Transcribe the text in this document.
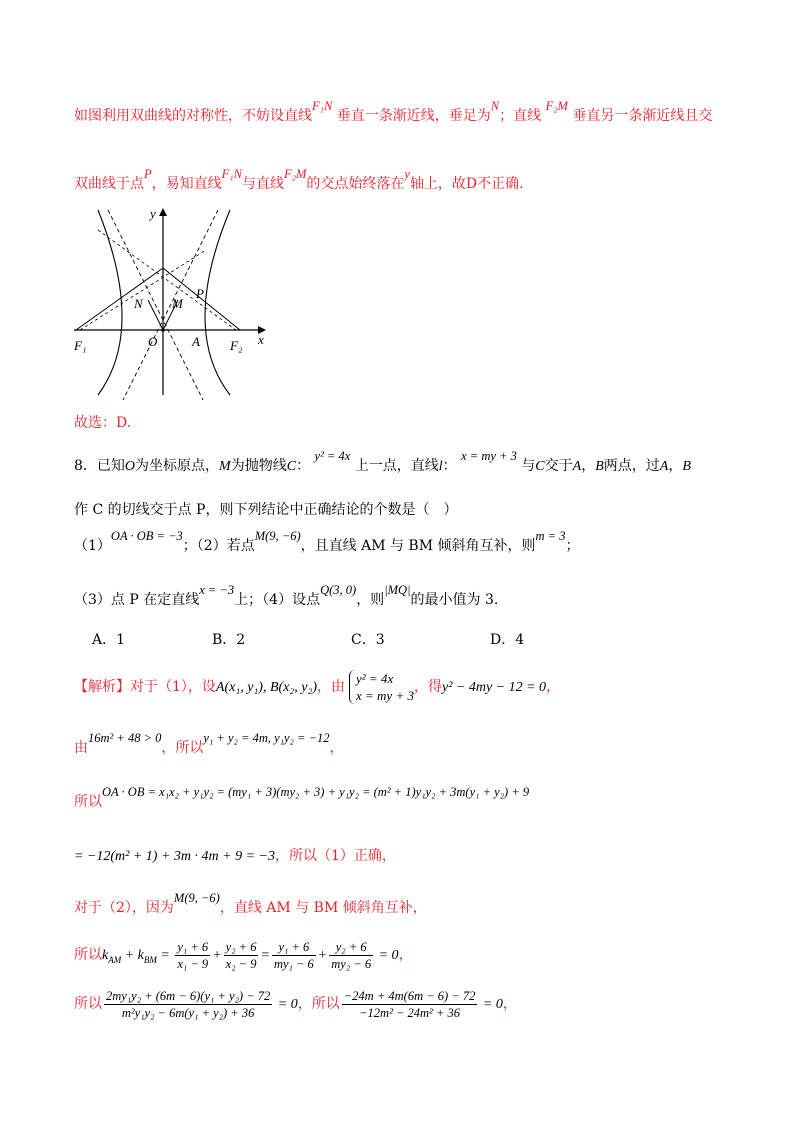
如图利用双曲线的对称性，不妨设直线F₁N 垂直一条渐近线，垂足为N；直线 F₂M 垂直另一条渐近线且交
双曲线于点P，易知直线F₁N与直线F₂M的交点始终落在y轴上，故D不正确.
y
x
F₁	F₂
O	A
N M
P
故选：D.
8．已知O为坐标原点，M为抛物线C： y² = 4x 上一点，直线l： x = my + 3 与C交于A，B两点，过A，B
作 C 的切线交于点 P，则下列结论中正确结论的个数是（　）
（1）OA · OB = −3；（2）若点M(9, −6)，且直线 AM 与 BM 倾斜角互补，则m = 3；
（3）点 P 在定直线x = −3上；（4）设点Q(3, 0)，则|MQ|的最小值为 3.
A．1	B．2	C．3	D．4
【解析】对于（1），设A(x₁, y₁), B(x₂, y₂)，由
y² = 4x
x = my + 3
，得y² − 4my − 12 = 0，
由16m² + 48 > 0，所以y₁ + y₂ = 4m, y₁y₂ = −12，
所以OA · OB = x₁x₂ + y₁y₂ = (my₁ + 3)(my₂ + 3) + y₁y₂ = (m² + 1)y₁y₂ + 3m(y₁ + y₂) + 9
= −12(m² + 1) + 3m · 4m + 9 = −3，所以（1）正确，
对于（2），因为M(9, −6)，直线 AM 与 BM 倾斜角互补，
所以$k_{AM} + k_{BM} = \frac{\text{y₁ + 6}}{\text{x₁ − 9}} + \frac{\text{y₂ + 6}}{\text{x₂ − 9}} = \frac{\text{y₁ + 6}}{\text{my₁ − 6}} + \frac{\text{y₂ + 6}}{\text{my₂ − 6}} = 0$，
所以 $\frac{\text{2my₁y₂ + (6m − 6)(y₁ + y₂) − 72}}{\text{m²y₁y₂ − 6m(y₁ + y₂) + 36}} = 0$，所以 $\frac{-24m + 4m(6m - 6) - 72}{\text{−12m² − 24m² + 36}} = 0$，
